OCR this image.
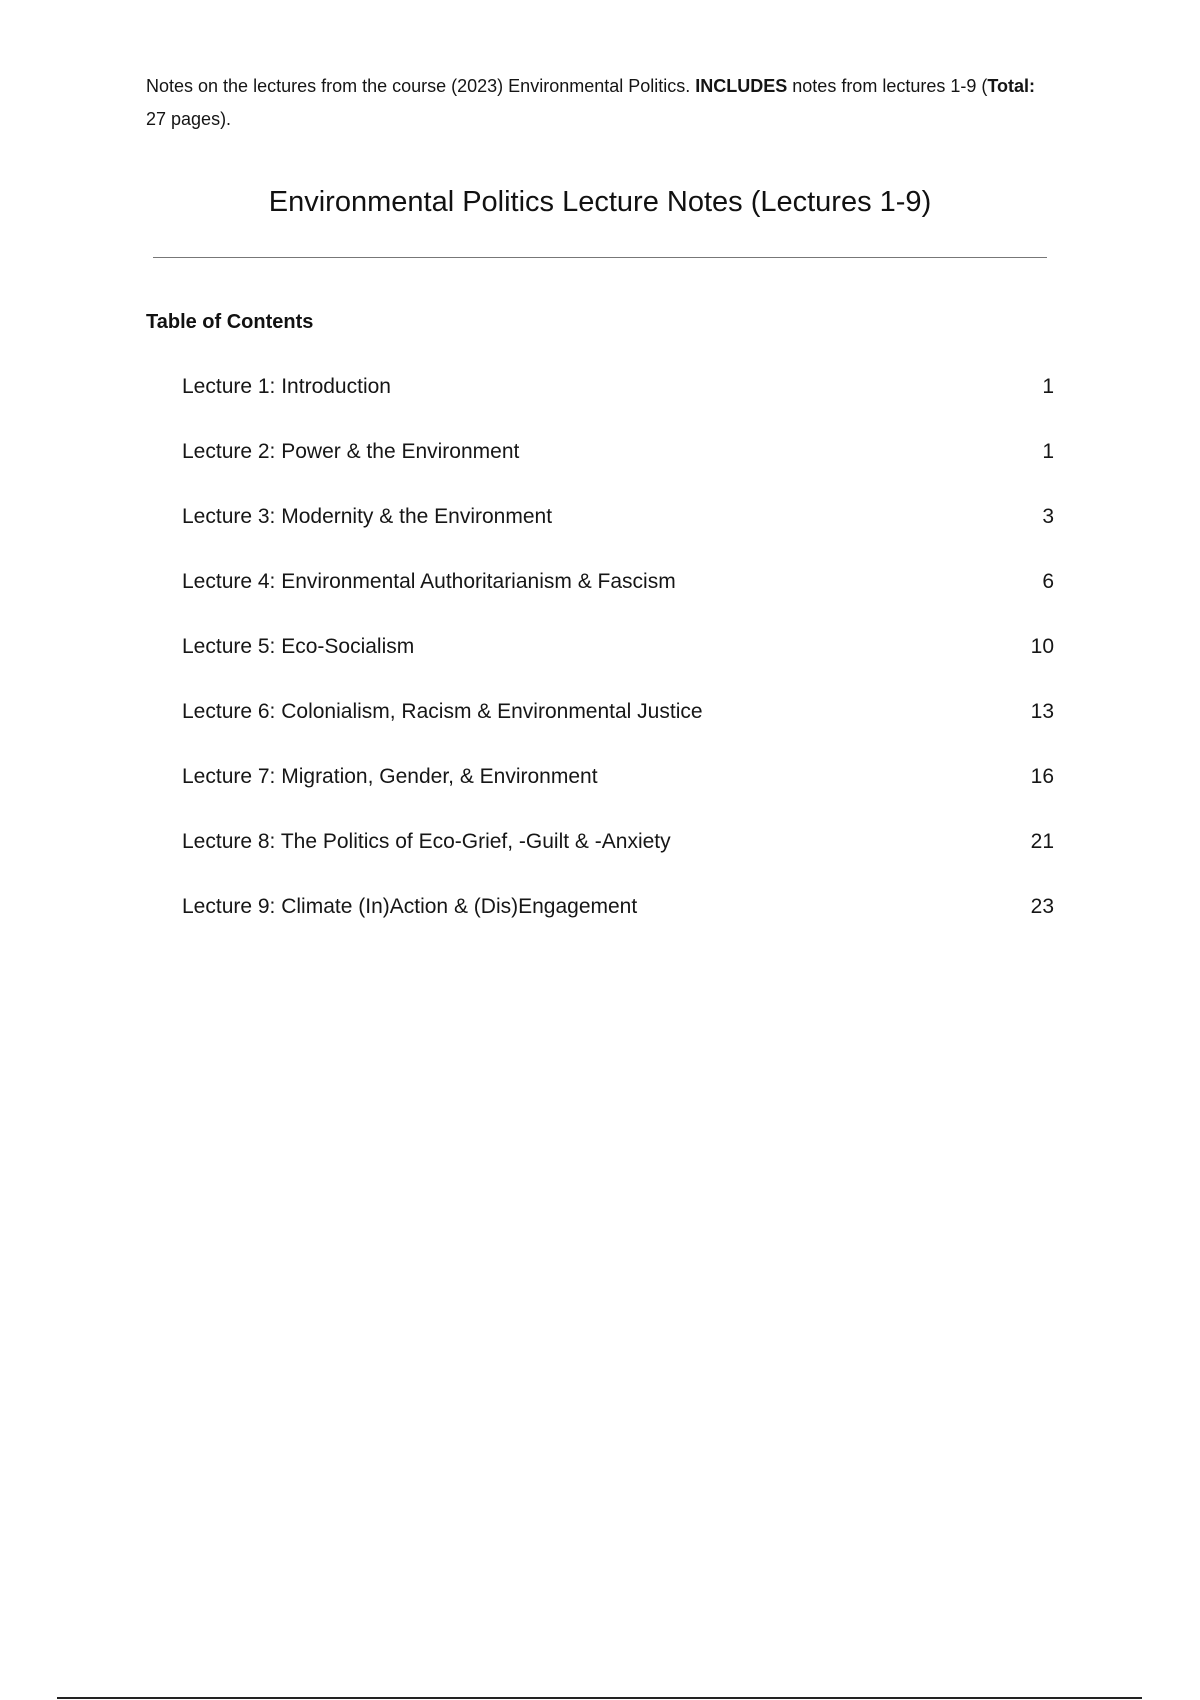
Notes on the lectures from the course (2023) Environmental Politics. INCLUDES notes from lectures 1-9 (Total: 27 pages).
Environmental Politics Lecture Notes (Lectures 1-9)
Table of Contents
Lecture 1: Introduction	1
Lecture 2: Power & the Environment	1
Lecture 3: Modernity & the Environment	3
Lecture 4: Environmental Authoritarianism & Fascism	6
Lecture 5: Eco-Socialism	10
Lecture 6: Colonialism, Racism & Environmental Justice	13
Lecture 7: Migration, Gender, & Environment	16
Lecture 8: The Politics of Eco-Grief, -Guilt & -Anxiety	21
Lecture 9: Climate (In)Action & (Dis)Engagement	23
